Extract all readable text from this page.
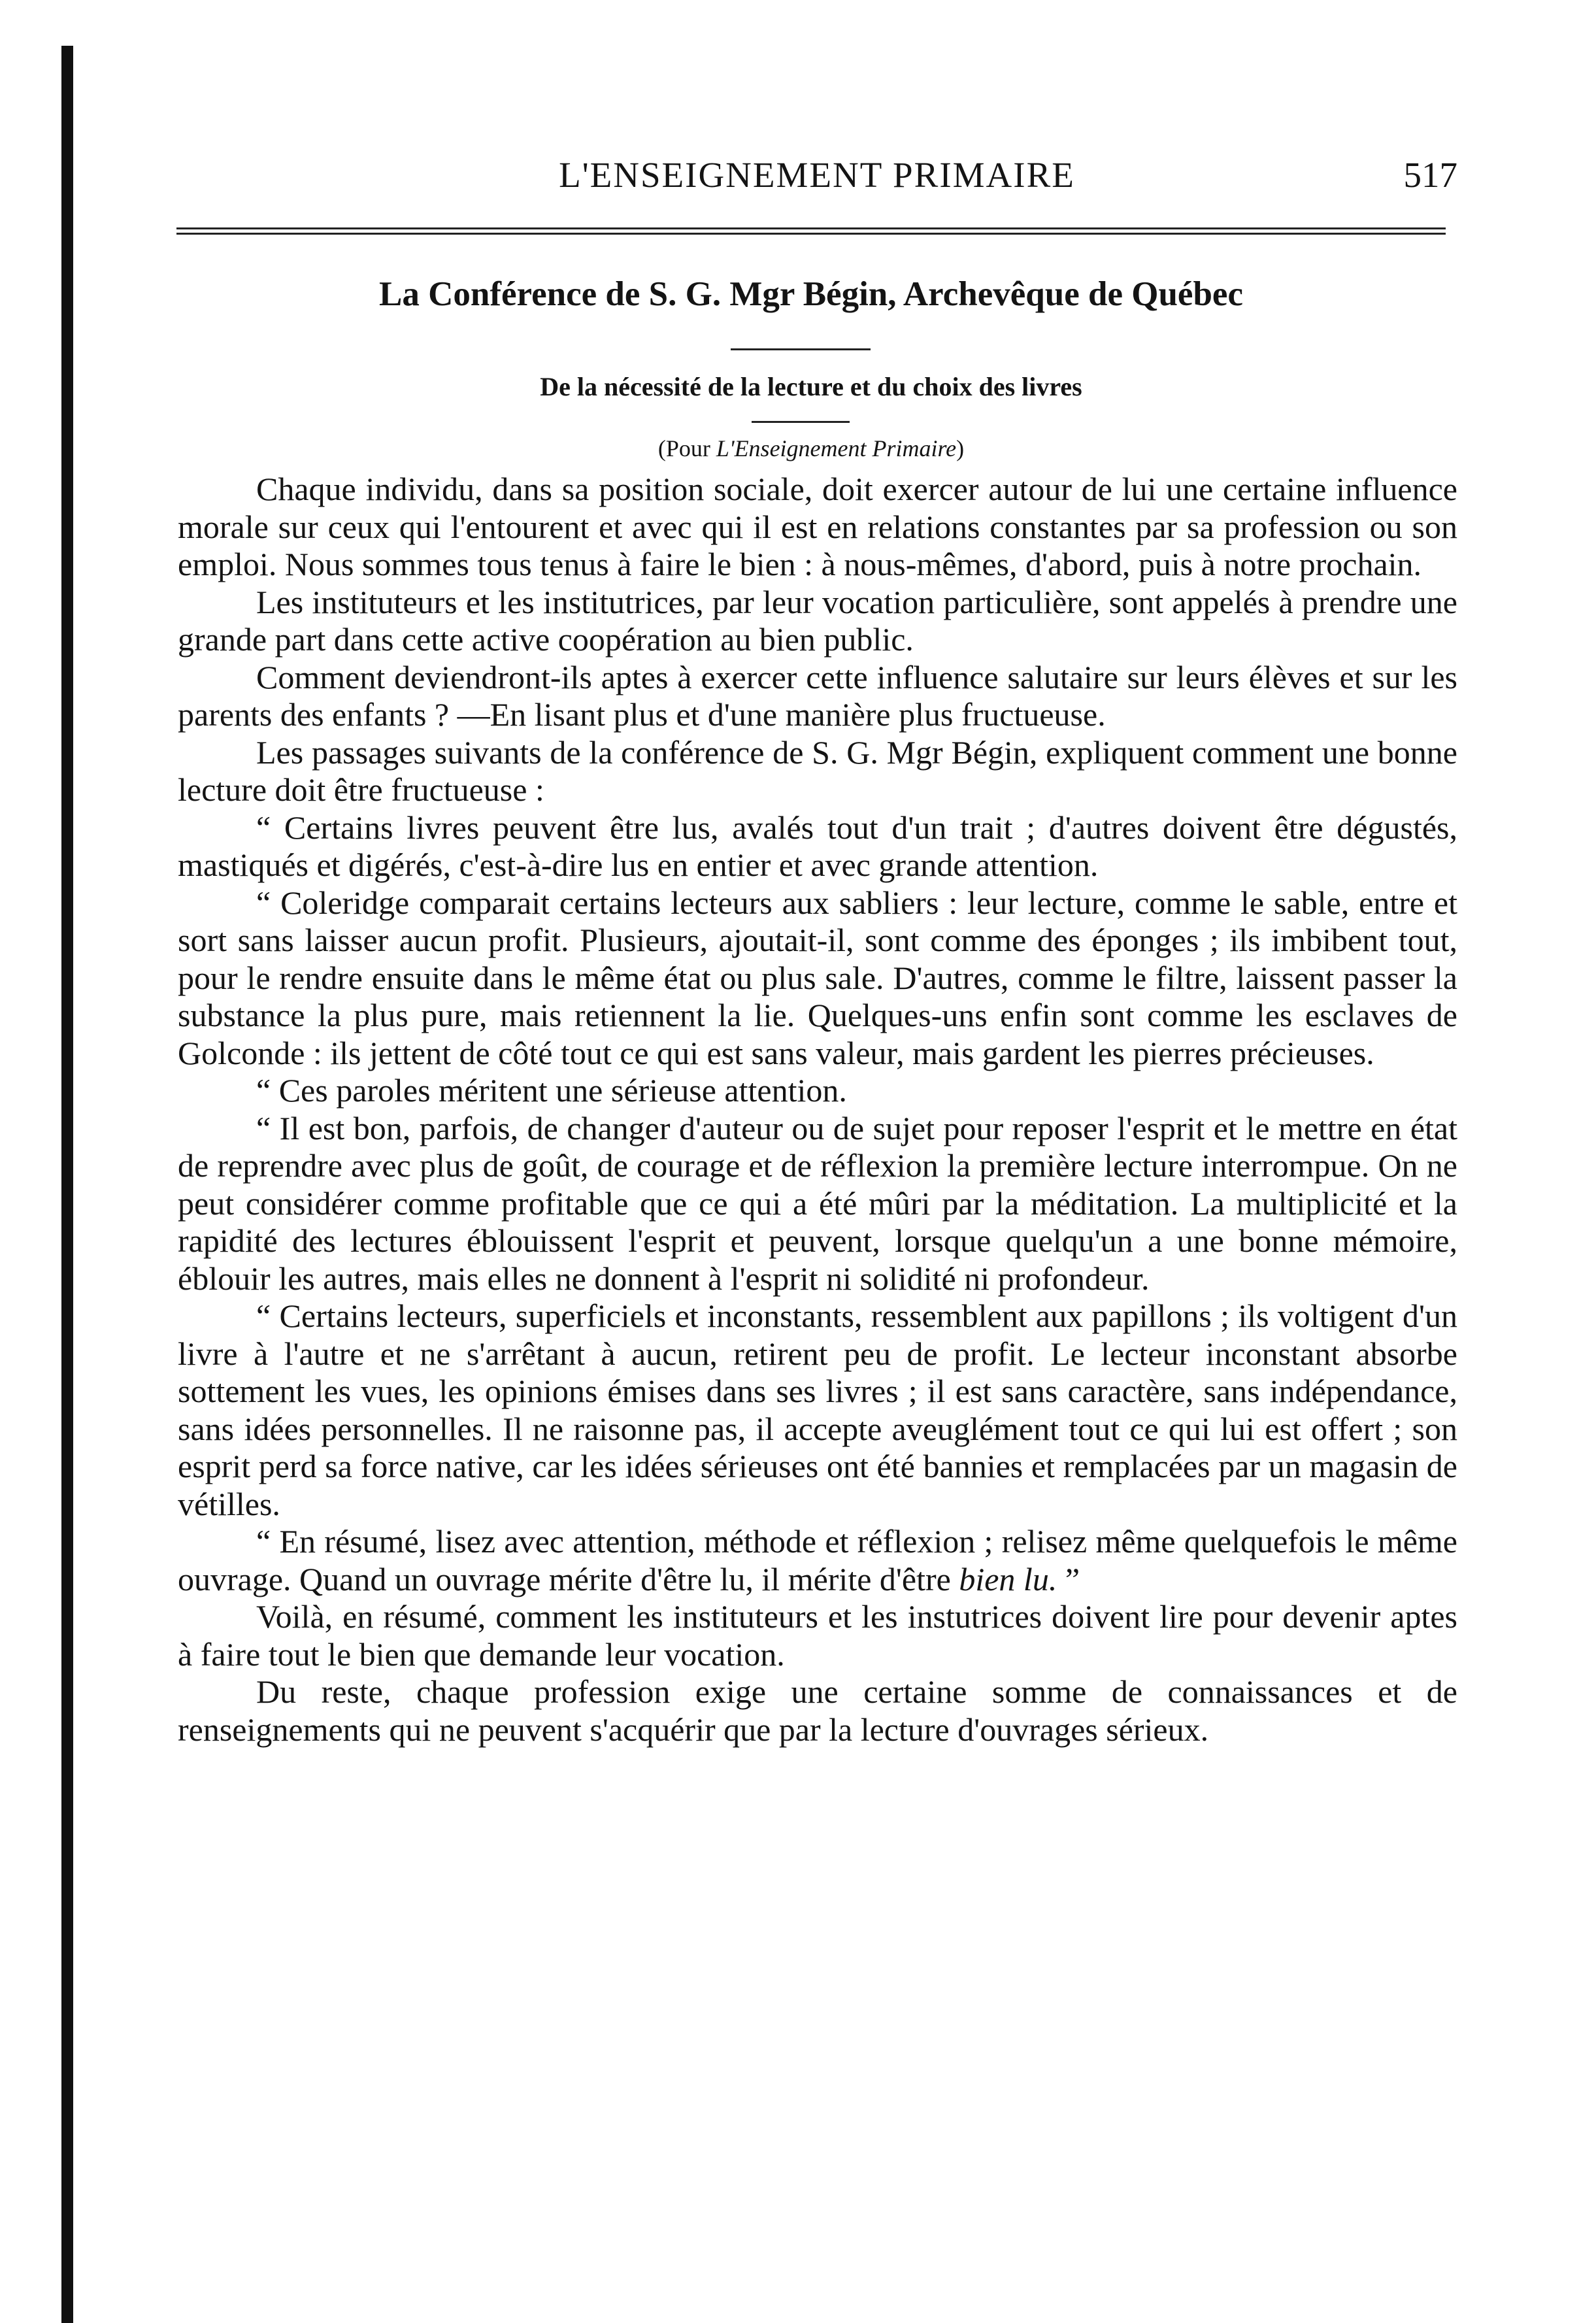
L'ENSEIGNEMENT PRIMAIRE	517
La Conférence de S. G. Mgr Bégin, Archevêque de Québec
De la nécessité de la lecture et du choix des livres
(Pour L'Enseignement Primaire)

Chaque individu, dans sa position sociale, doit exercer autour de lui une certaine influence morale sur ceux qui l'entourent et avec qui il est en relations constantes par sa profession ou son emploi. Nous sommes tous tenus à faire le bien : à nous-mêmes, d'abord, puis à notre prochain.

Les instituteurs et les institutrices, par leur vocation particulière, sont appelés à prendre une grande part dans cette active coopération au bien public.

Comment deviendront-ils aptes à exercer cette influence salutaire sur leurs élèves et sur les parents des enfants ? —En lisant plus et d'une manière plus fructueuse.

Les passages suivants de la conférence de S. G. Mgr Bégin, expliquent comment une bonne lecture doit être fructueuse :

“ Certains livres peuvent être lus, avalés tout d'un trait ; d'autres doivent être dégustés, mastiqués et digérés, c'est-à-dire lus en entier et avec grande attention.

“ Coleridge comparait certains lecteurs aux sabliers : leur lecture, comme le sable, entre et sort sans laisser aucun profit. Plusieurs, ajoutait-il, sont comme des éponges ; ils imbibent tout, pour le rendre ensuite dans le même état ou plus sale. D'autres, comme le filtre, laissent passer la substance la plus pure, mais retiennent la lie. Quelques-uns enfin sont comme les esclaves de Golconde : ils jettent de côté tout ce qui est sans valeur, mais gardent les pierres précieuses.

“ Ces paroles méritent une sérieuse attention.

“ Il est bon, parfois, de changer d'auteur ou de sujet pour reposer l'esprit et le mettre en état de reprendre avec plus de goût, de courage et de réflexion la première lecture interrompue. On ne peut considérer comme profitable que ce qui a été mûri par la méditation. La multiplicité et la rapidité des lectures éblouissent l'esprit et peuvent, lorsque quelqu'un a une bonne mémoire, éblouir les autres, mais elles ne donnent à l'esprit ni solidité ni profondeur.

“ Certains lecteurs, superficiels et inconstants, ressemblent aux papillons ; ils voltigent d'un livre à l'autre et ne s'arrêtant à aucun, retirent peu de profit. Le lecteur inconstant absorbe sottement les vues, les opinions émises dans ses livres ; il est sans caractère, sans indépendance, sans idées personnelles. Il ne raisonne pas, il accepte aveuglément tout ce qui lui est offert ; son esprit perd sa force native, car les idées sérieuses ont été bannies et remplacées par un magasin de vétilles.

“ En résumé, lisez avec attention, méthode et réflexion ; relisez même quelquefois le même ouvrage. Quand un ouvrage mérite d'être lu, il mérite d'être bien lu. ”

Voilà, en résumé, comment les instituteurs et les instutrices doivent lire pour devenir aptes à faire tout le bien que demande leur vocation.

Du reste, chaque profession exige une certaine somme de connaissances et de renseignements qui ne peuvent s'acquérir que par la lecture d'ouvrages sérieux.
